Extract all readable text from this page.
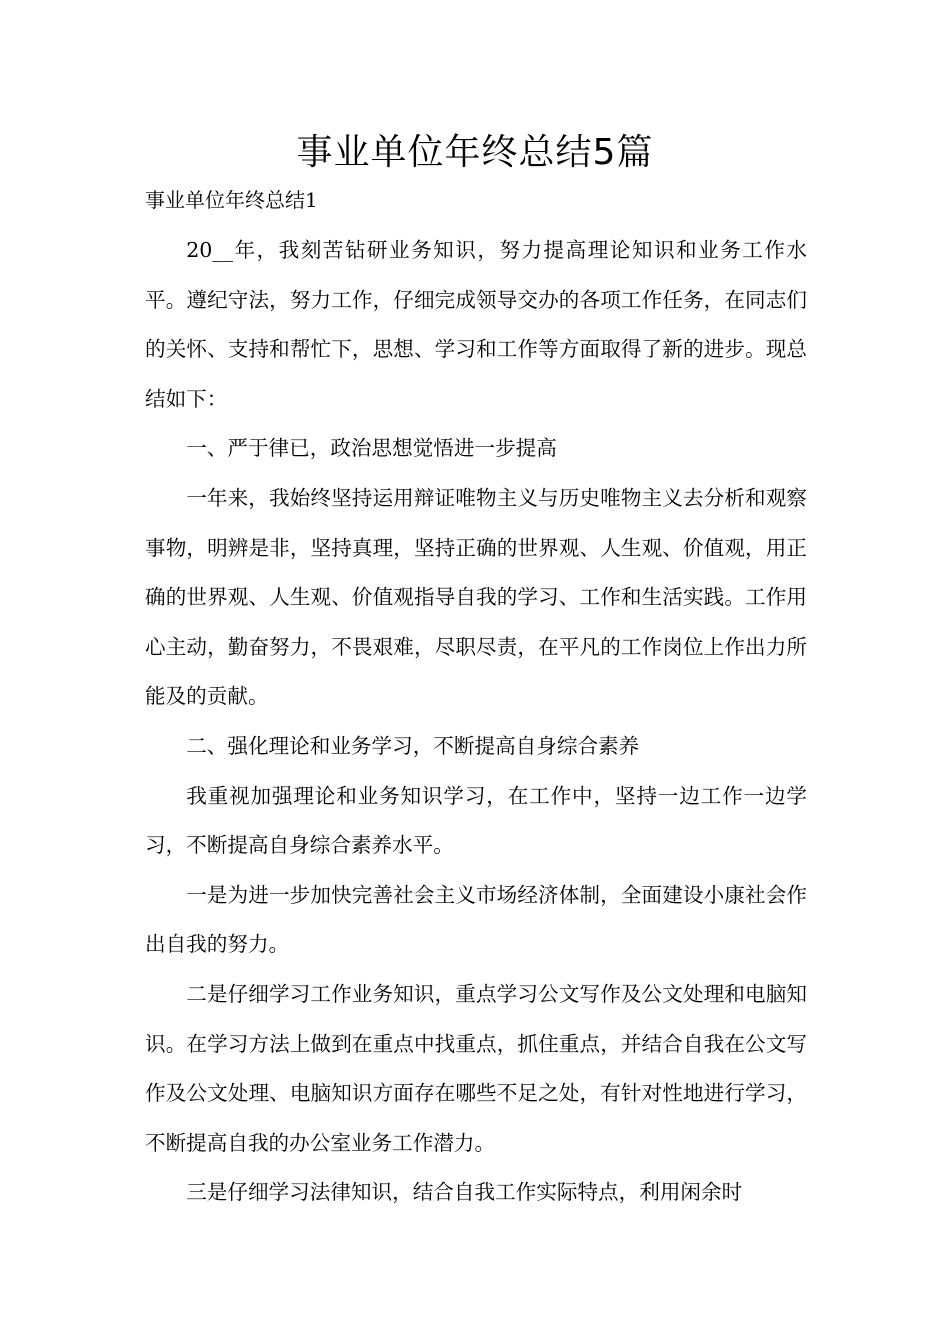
事业单位年终总结5篇
事业单位年终总结1

20__年，我刻苦钻研业务知识，努力提高理论知识和业务工作水平。遵纪守法，努力工作，仔细完成领导交办的各项工作任务，在同志们的关怀、支持和帮忙下，思想、学习和工作等方面取得了新的进步。现总结如下：

一、严于律已，政治思想觉悟进一步提高

一年来，我始终坚持运用辩证唯物主义与历史唯物主义去分析和观察事物，明辨是非，坚持真理，坚持正确的世界观、人生观、价值观，用正确的世界观、人生观、价值观指导自我的学习、工作和生活实践。工作用心主动，勤奋努力，不畏艰难，尽职尽责，在平凡的工作岗位上作出力所能及的贡献。

二、强化理论和业务学习，不断提高自身综合素养

我重视加强理论和业务知识学习，在工作中，坚持一边工作一边学习，不断提高自身综合素养水平。

一是为进一步加快完善社会主义市场经济体制，全面建设小康社会作出自我的努力。

二是仔细学习工作业务知识，重点学习公文写作及公文处理和电脑知识。在学习方法上做到在重点中找重点，抓住重点，并结合自我在公文写作及公文处理、电脑知识方面存在哪些不足之处，有针对性地进行学习，不断提高自我的办公室业务工作潜力。

三是仔细学习法律知识，结合自我工作实际特点，利用闲余时
